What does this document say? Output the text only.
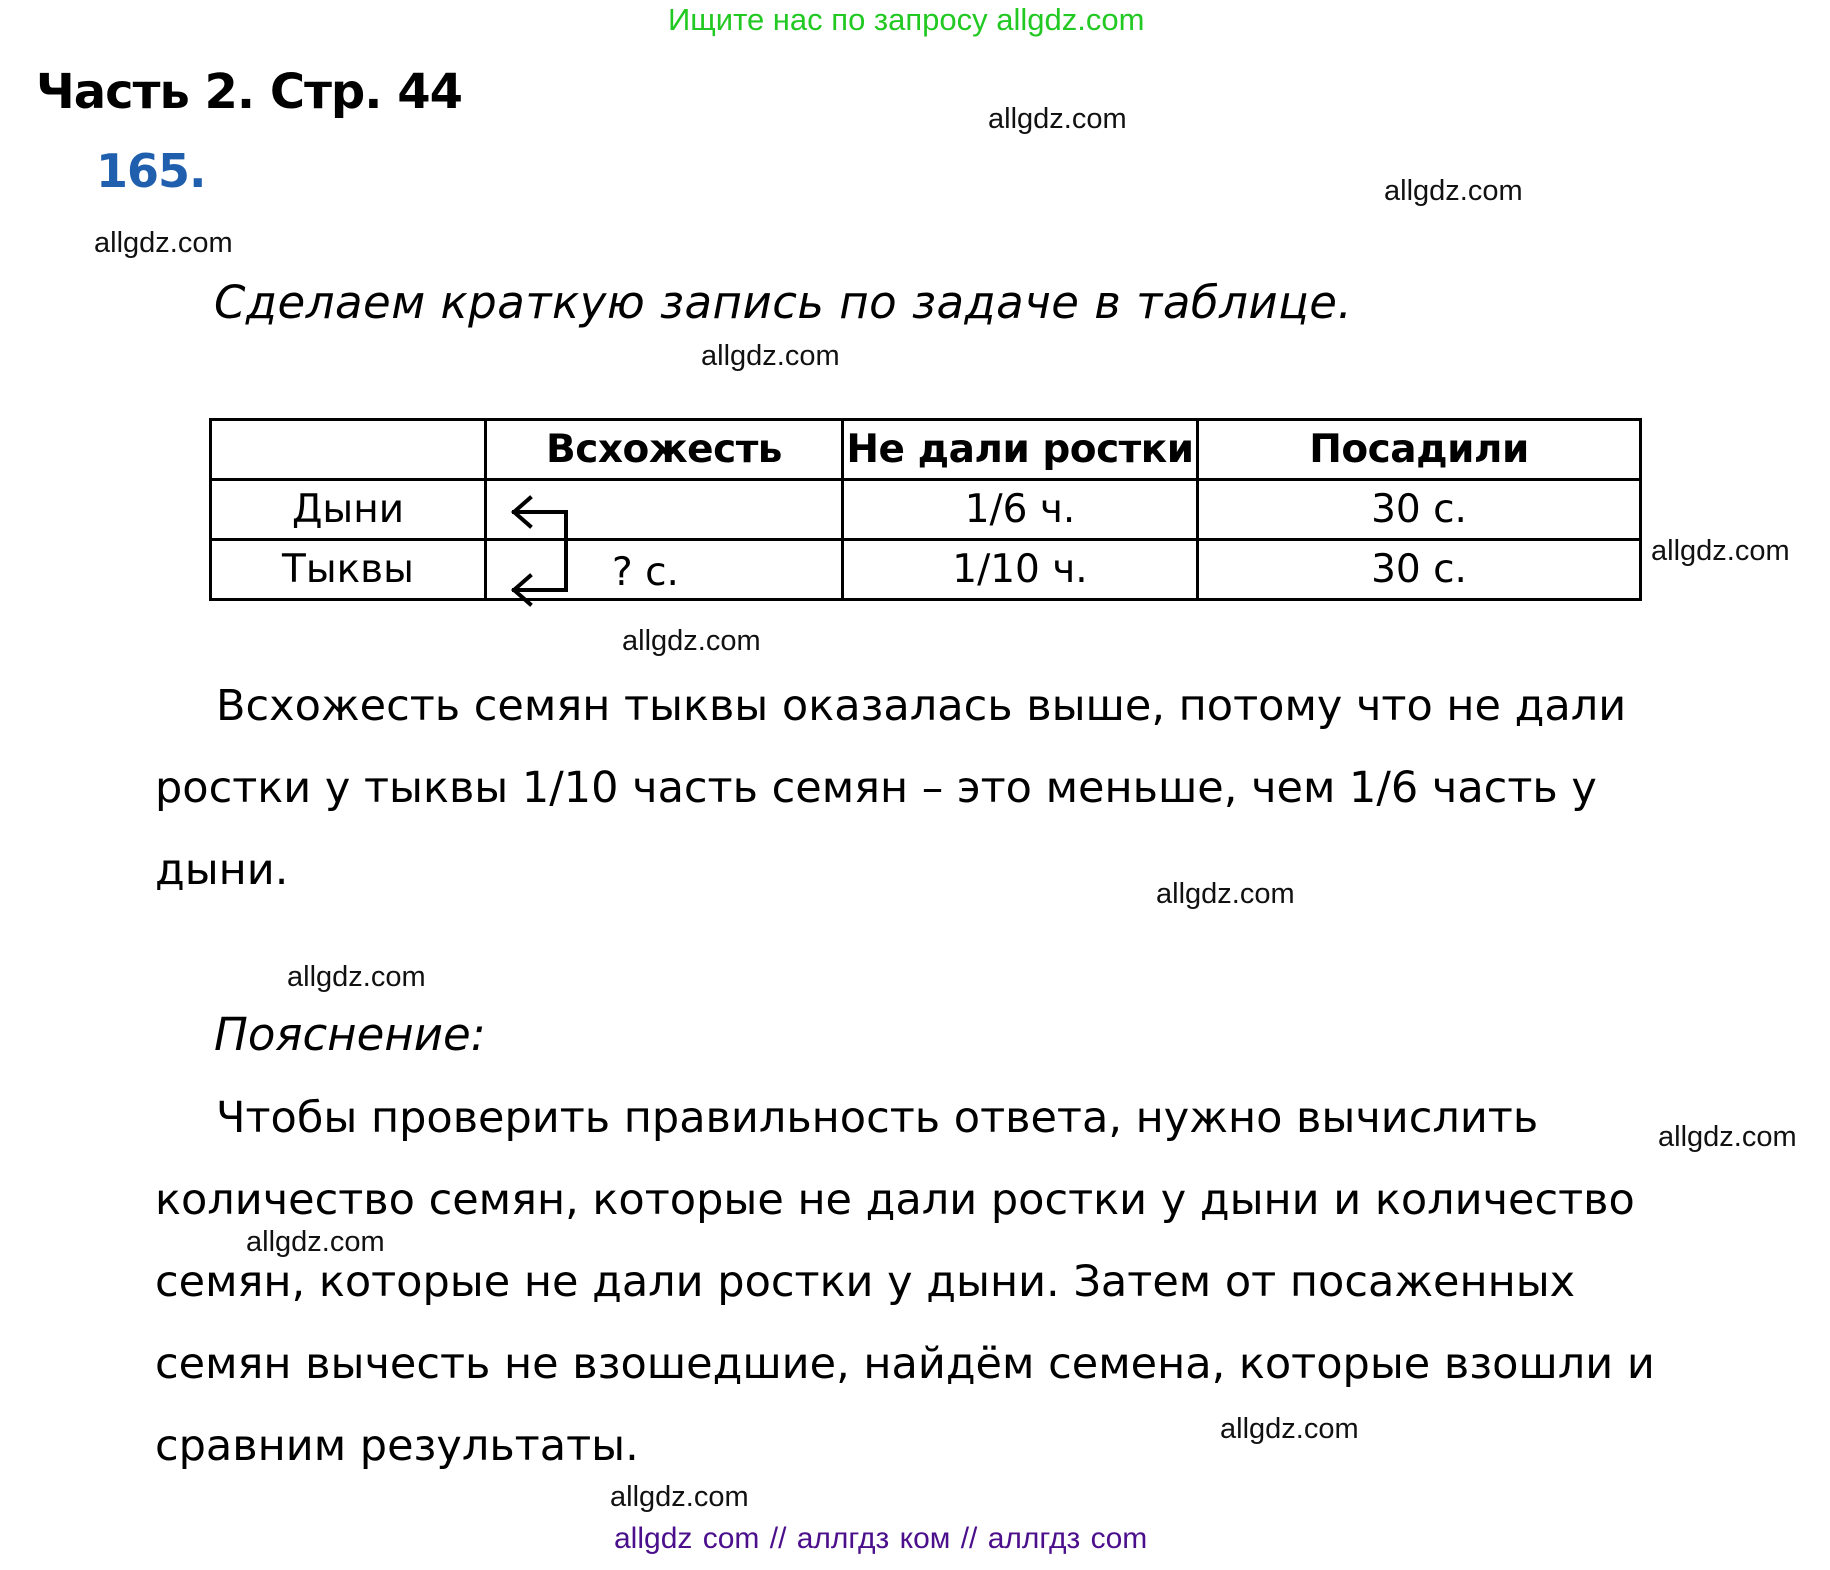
Ищите нас по запросу allgdz.com
Часть 2. Стр. 44
165.
Сделаем краткую запись по задаче в таблице.
	Всхожесть	Не дали ростки	Посадили
Дыни		1/6 ч.	30 с.
Тыквы	? с.	1/10 ч.	30 с.
Всхожесть семян тыквы оказалась выше, потому что не дали
ростки у тыквы 1/10 часть семян – это меньше, чем 1/6 часть у
дыни.
Пояснение:
Чтобы проверить правильность ответа, нужно вычислить
количество семян, которые не дали ростки у дыни и количество
семян, которые не дали ростки у дыни. Затем от посаженных
семян вычесть не взошедшие, найдём семена, которые взошли и
сравним результаты.
allgdz.com
allgdz.com
allgdz.com
allgdz.com
allgdz.com
allgdz.com
allgdz.com
allgdz.com
allgdz.com
allgdz.com
allgdz.com
allgdz.com
allgdz com // аллгдз ком // аллгдз com
